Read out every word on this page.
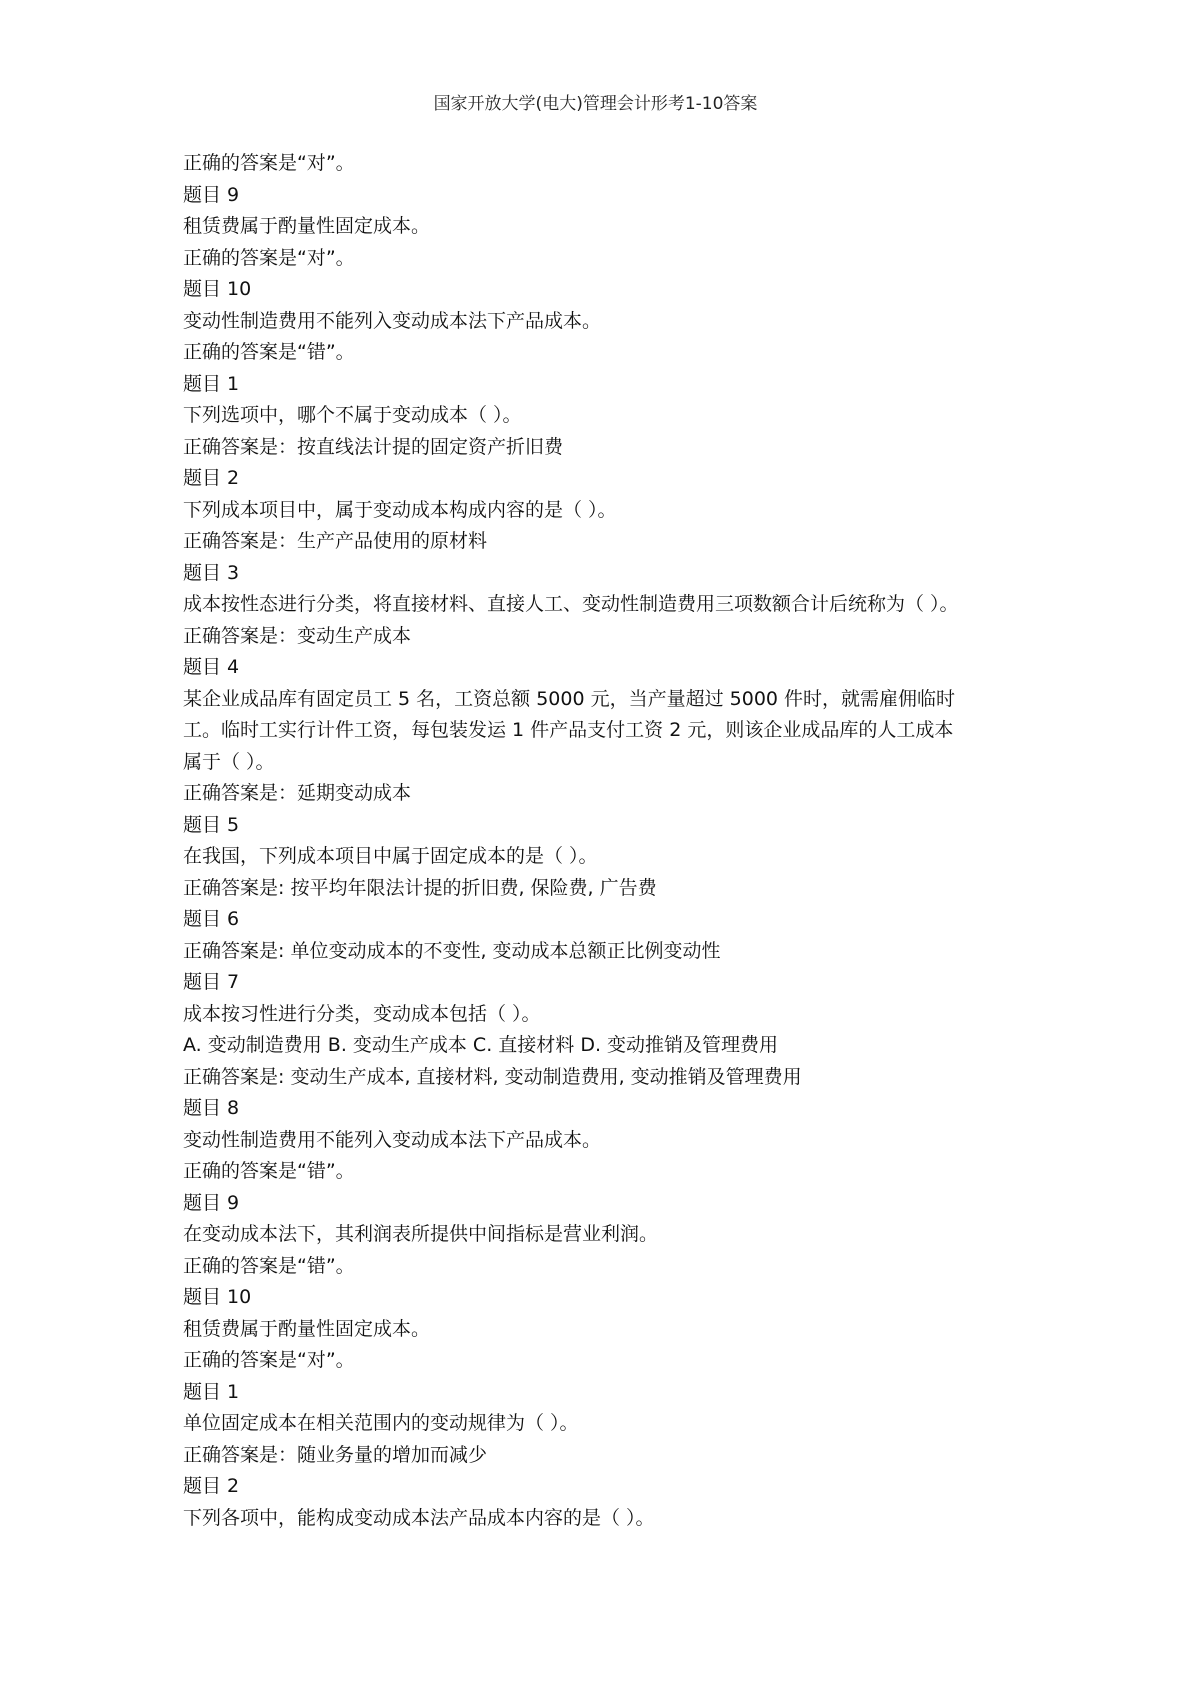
国家开放大学(电大)管理会计形考1-10答案
正确的答案是“对”。
题目 9
租赁费属于酌量性固定成本。
正确的答案是“对”。
题目 10
变动性制造费用不能列入变动成本法下产品成本。
正确的答案是“错”。
题目 1
下列选项中，哪个不属于变动成本（ ）。
正确答案是：按直线法计提的固定资产折旧费
题目 2
下列成本项目中，属于变动成本构成内容的是（ ）。
正确答案是：生产产品使用的原材料
题目 3
成本按性态进行分类，将直接材料、直接人工、变动性制造费用三项数额合计后统称为（ ）。
正确答案是：变动生产成本
题目 4
某企业成品库有固定员工 5 名，工资总额 5000 元，当产量超过 5000 件时，就需雇佣临时
工。临时工实行计件工资，每包装发运 1 件产品支付工资 2 元，则该企业成品库的人工成本
属于（ ）。
正确答案是：延期变动成本
题目 5
在我国，下列成本项目中属于固定成本的是（ ）。
正确答案是: 按平均年限法计提的折旧费, 保险费, 广告费
题目 6
正确答案是: 单位变动成本的不变性, 变动成本总额正比例变动性
题目 7
成本按习性进行分类，变动成本包括（ ）。
A. 变动制造费用 B. 变动生产成本 C. 直接材料 D. 变动推销及管理费用
正确答案是: 变动生产成本, 直接材料, 变动制造费用, 变动推销及管理费用
题目 8
变动性制造费用不能列入变动成本法下产品成本。
正确的答案是“错”。
题目 9
在变动成本法下，其利润表所提供中间指标是营业利润。
正确的答案是“错”。
题目 10
租赁费属于酌量性固定成本。
正确的答案是“对”。
题目 1
单位固定成本在相关范围内的变动规律为（ ）。
正确答案是：随业务量的增加而减少
题目 2
下列各项中，能构成变动成本法产品成本内容的是（ ）。
